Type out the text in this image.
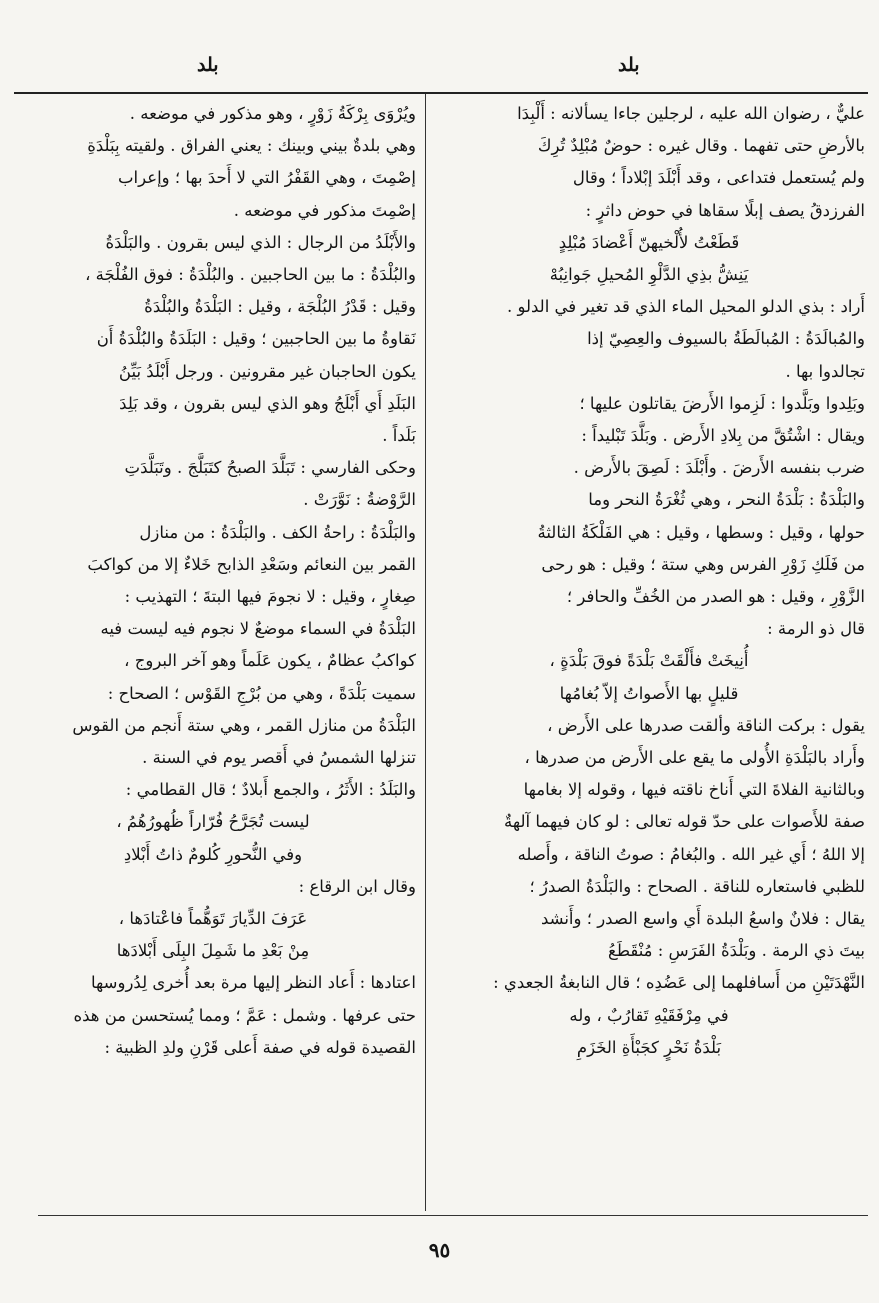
بلد	بلد

عليٌّ ، رضوان الله عليه ، لرجلين جاءا يسألانه : أَلْبِدَا

بالأرضِ حتى تفهما . وقال غيره : حوضٌ مُبْلِدٌ تُرِكَ

ولم يُستعمل فتداعى ، وقد أَبْلَدَ إبْلاداً ؛ وقال

الفرزدقُ يصف إبلًا سقاها في حوض داثرٍ :

قَطَعْتُ لأُلْخيهنّ أَعْضادَ مُبْلِدٍ

يَنِشُّ بذِي الدَّلْوِ المُحيلِ جَوانِبُهْ

أَراد : بذي الدلو المحيل الماء الذي قد تغير في الدلو .

والمُبالَدَةُ : المُبالَطَةُ بالسيوف والعِصِيّ إذا

تجالدوا بها .

وبَلِدوا وبَلَّدوا : لَزِموا الأَرضَ يقاتلون عليها ؛

ويقال : اشْتُقَّ من بِلادِ الأَرض . وبَلَّدَ تَبْليداً :

ضرب بنفسه الأَرضَ . وأَبْلَدَ : لَصِقَ بالأَرض .

والبَلْدَةُ : بَلْدَةُ النحر ، وهي ثُغْرَةُ النحر وما

حولها ، وقيل : وسطها ، وقيل : هي الفَلْكَةُ الثالثةُ

من فَلَكِ زَوْرِ الفرس وهي ستة ؛ وقيل : هو رحى

الزَّوْرِ ، وقيل : هو الصدر من الخُفِّ والحافر ؛

قال ذو الرمة :

أُنِيخَتْ فأَلْقَتْ بَلْدَةً فوقَ بَلْدَةٍ ،

قليلٍ بها الأَصواتُ إلاّ بُغامُها

يقول : بركت الناقة وألقت صدرها على الأَرض ،

وأَراد بالبَلْدَةِ الأُولى ما يقع على الأَرض من صدرها ،

وبالثانية الفلاةَ التي أَناخ ناقته فيها ، وقوله إلا بغامها

صفة للأَصوات على حدّ قوله تعالى : لو كان فيهما آلهةٌ

إلا اللهُ ؛ أَي غير الله . والبُغامُ : صوتُ الناقة ، وأَصله

للظبي فاستعاره للناقة . الصحاح : والبَلْدَةُ الصدرُ ؛

يقال : فلانٌ واسعُ البلدة أَي واسع الصدر ؛ وأَنشد

بيتَ ذي الرمة . وبَلْدَةُ الفَرَسِ : مُنْقَطَعُ

النَّهْدَتَيْنِ من أَسافلهما إلى عَضُدِه ؛ قال النابغةُ الجعدي :

في مِرْفَقَيْهِ تَقارُبٌ ، وله

بَلْدَةُ نَحْرٍ كجَبْأَةِ الخَزَمِ

ويُرْوَى بِرْكَةُ زَوْرٍ ، وهو مذكور في موضعه .

وهي بلدةٌ بيني وبينك : يعني الفراق . ولقيته بِبَلْدَةِ

إصْمِتَ ، وهي القَفْرُ التي لا أَحدَ بها ؛ وإعراب

إصْمِتَ مذكور في موضعه .

والأَبْلَدُ من الرجال : الذي ليس بقرون . والبَلْدَةُ

والبُلْدَةُ : ما بين الحاجبين . والبُلْدَةُ : فوق الفُلْجَة ،

وقيل : قَدْرُ البُلْجَة ، وقيل : البَلْدَةُ والبُلْدَةُ

نَقاوةُ ما بين الحاجبين ؛ وقيل : البَلَدَةُ والبُلْدَةُ أَن

يكون الحاجبان غير مقرونين . ورجل أَبْلَدُ بَيِّنُ

البَلَدِ أَي أَبْلَجُ وهو الذي ليس بقرون ، وقد بَلِدَ

بَلَداً .

وحكى الفارسي : تَبَلَّدَ الصبحُ كتَبَلَّجَ . وتَبَلَّدَتِ

الرَّوْضةُ : نَوَّرَتْ .

والبَلْدَةُ : راحةُ الكف . والبَلْدَةُ : من منازل

القمر بين النعائم وسَعْدِ الذابح خَلاءٌ إلا من كواكبَ

صِغارٍ ، وقيل : لا نجومَ فيها البتةَ ؛ التهذيب :

البَلْدَةُ في السماء موضعٌ لا نجوم فيه ليست فيه

كواكبُ عظامٌ ، يكون عَلَماً وهو آخر البروج ،

سميت بَلْدَةً ، وهي من بُرْجِ القَوْس ؛ الصحاح :

البَلْدَةُ من منازل القمر ، وهي ستة أَنجم من القوس

تنزلها الشمسُ في أَقصر يوم في السنة .

والبَلَدُ : الأَثَرُ ، والجمع أَبلادٌ ؛ قال القطامي :

ليست تُجَرَّحُ فُرّاراً ظُهورُهُمُ ،

وفي النُّحورِ كُلومٌ ذاتُ أَبْلادِ

وقال ابن الرقاع :

عَرَفَ الدِّيارَ تَوَهُّماً فاعْتادَها ،

مِنْ بَعْدِ ما شَمِلَ البِلَى أَبْلادَها

اعتادها : أَعاد النظر إليها مرة بعد أُخرى لِدُروسها

حتى عرفها . وشمل : عَمَّ ؛ ومما يُستحسن من هذه

القصيدة قوله في صفة أَعلى قَرْنِ ولدِ الظبية :

٩٥
